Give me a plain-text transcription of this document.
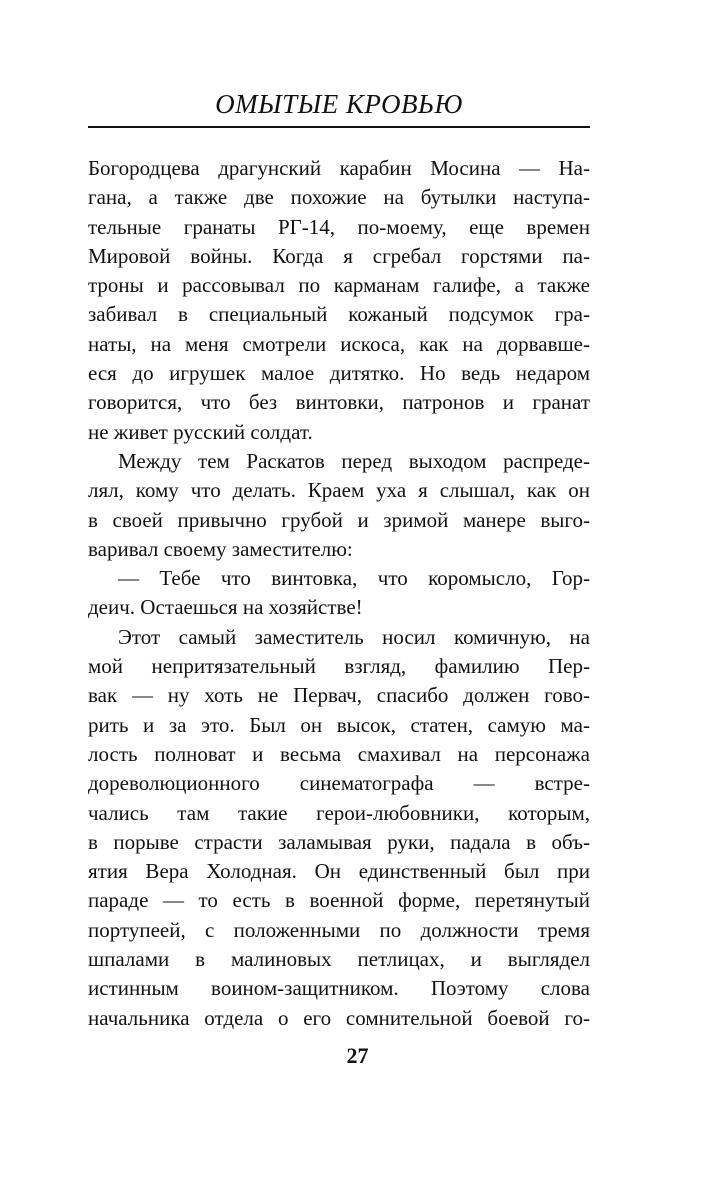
ОМЫТЫЕ КРОВЬЮ
Богородцева драгунский карабин Мосина — На-
гана, а также две похожие на бутылки наступа-
тельные гранаты РГ-14, по-моему, еще времен
Мировой войны. Когда я сгребал горстями па-
троны и рассовывал по карманам галифе, а также
забивал в специальный кожаный подсумок гра-
наты, на меня смотрели искоса, как на дорвавше-
еся до игрушек малое дитятко. Но ведь недаром
говорится, что без винтовки, патронов и гранат
не живет русский солдат.
Между тем Раскатов перед выходом распреде-
лял, кому что делать. Краем уха я слышал, как он
в своей привычно грубой и зримой манере выго-
варивал своему заместителю:
— Тебе что винтовка, что коромысло, Гор-
деич. Остаешься на хозяйстве!
Этот самый заместитель носил комичную, на
мой непритязательный взгляд, фамилию Пер-
вак — ну хоть не Первач, спасибо должен гово-
рить и за это. Был он высок, статен, самую ма-
лость полноват и весьма смахивал на персонажа
дореволюционного синематографа — встре-
чались там такие герои-любовники, которым,
в порыве страсти заламывая руки, падала в объ-
ятия Вера Холодная. Он единственный был при
параде — то есть в военной форме, перетянутый
портупеей, с положенными по должности тремя
шпалами в малиновых петлицах, и выглядел
истинным воином-защитником. Поэтому слова
начальника отдела о его сомнительной боевой го-
27
